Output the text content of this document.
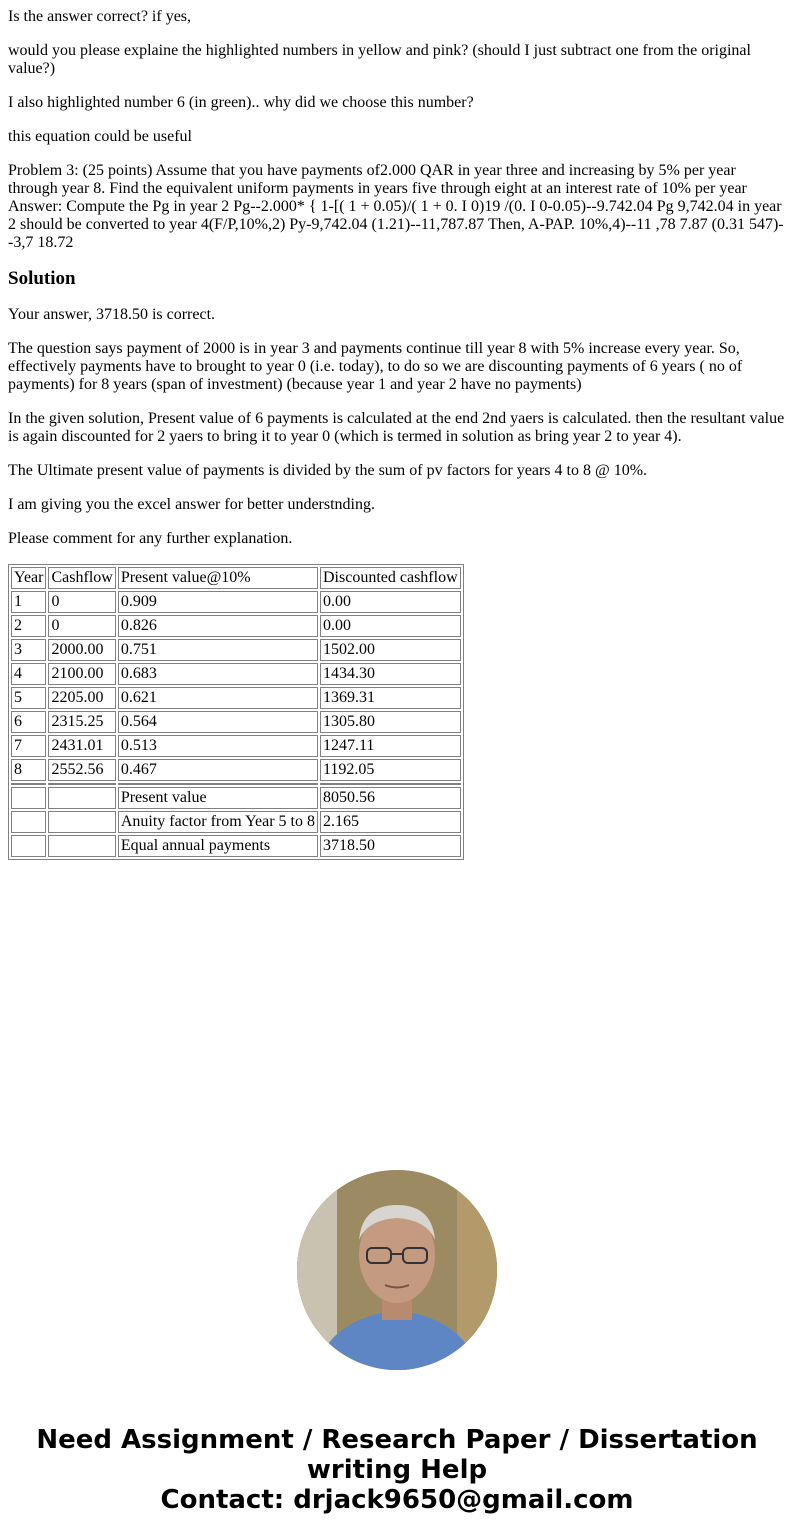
Is the answer correct? if yes,

would you please explaine the highlighted numbers in yellow and pink? (should I just subtract one from the original value?)

I also highlighted number 6 (in green).. why did we choose this number?

this equation could be useful

Problem 3: (25 points) Assume that you have payments of2.000 QAR in year three and increasing by 5% per year through year 8. Find the equivalent uniform payments in years five through eight at an interest rate of 10% per year Answer: Compute the Pg in year 2 Pg--2.000* { 1-[( 1 + 0.05)/( 1 + 0. I 0)19 /(0. I 0-0.05)--9.742.04 Pg 9,742.04 in year 2 should be converted to year 4(F/P,10%,2) Py-9,742.04 (1.21)--11,787.87 Then, A-PAP. 10%,4)--11 ,78 7.87 (0.31 547)--3,7 18.72

Solution

Your answer, 3718.50 is correct.

The question says payment of 2000 is in year 3 and payments continue till year 8 with 5% increase every year. So, effectively payments have to brought to year 0 (i.e. today), to do so we are discounting payments of 6 years ( no of payments) for 8 years (span of investment) (because year 1 and year 2 have no payments)

In the given solution, Present value of 6 payments is calculated at the end 2nd yaers is calculated. then the resultant value is again discounted for 2 yaers to bring it to year 0 (which is termed in solution as bring year 2 to year 4).

The Ultimate present value of payments is divided by the sum of pv factors for years 4 to 8 @ 10%.

I am giving you the excel answer for better understnding.

Please comment for any further explanation.

Year	Cashflow	Present value@10%	Discounted cashflow
1	0	0.909	0.00
2	0	0.826	0.00
3	2000.00	0.751	1502.00
4	2100.00	0.683	1434.30
5	2205.00	0.621	1369.31
6	2315.25	0.564	1305.80
7	2431.01	0.513	1247.11
8	2552.56	0.467	1192.05

		Present value	8050.56
		Anuity factor from Year 5 to 8	2.165
		Equal annual payments	3718.50
Need Assignment / Research Paper / Dissertation writing Help
Contact: drjack9650@gmail.com
